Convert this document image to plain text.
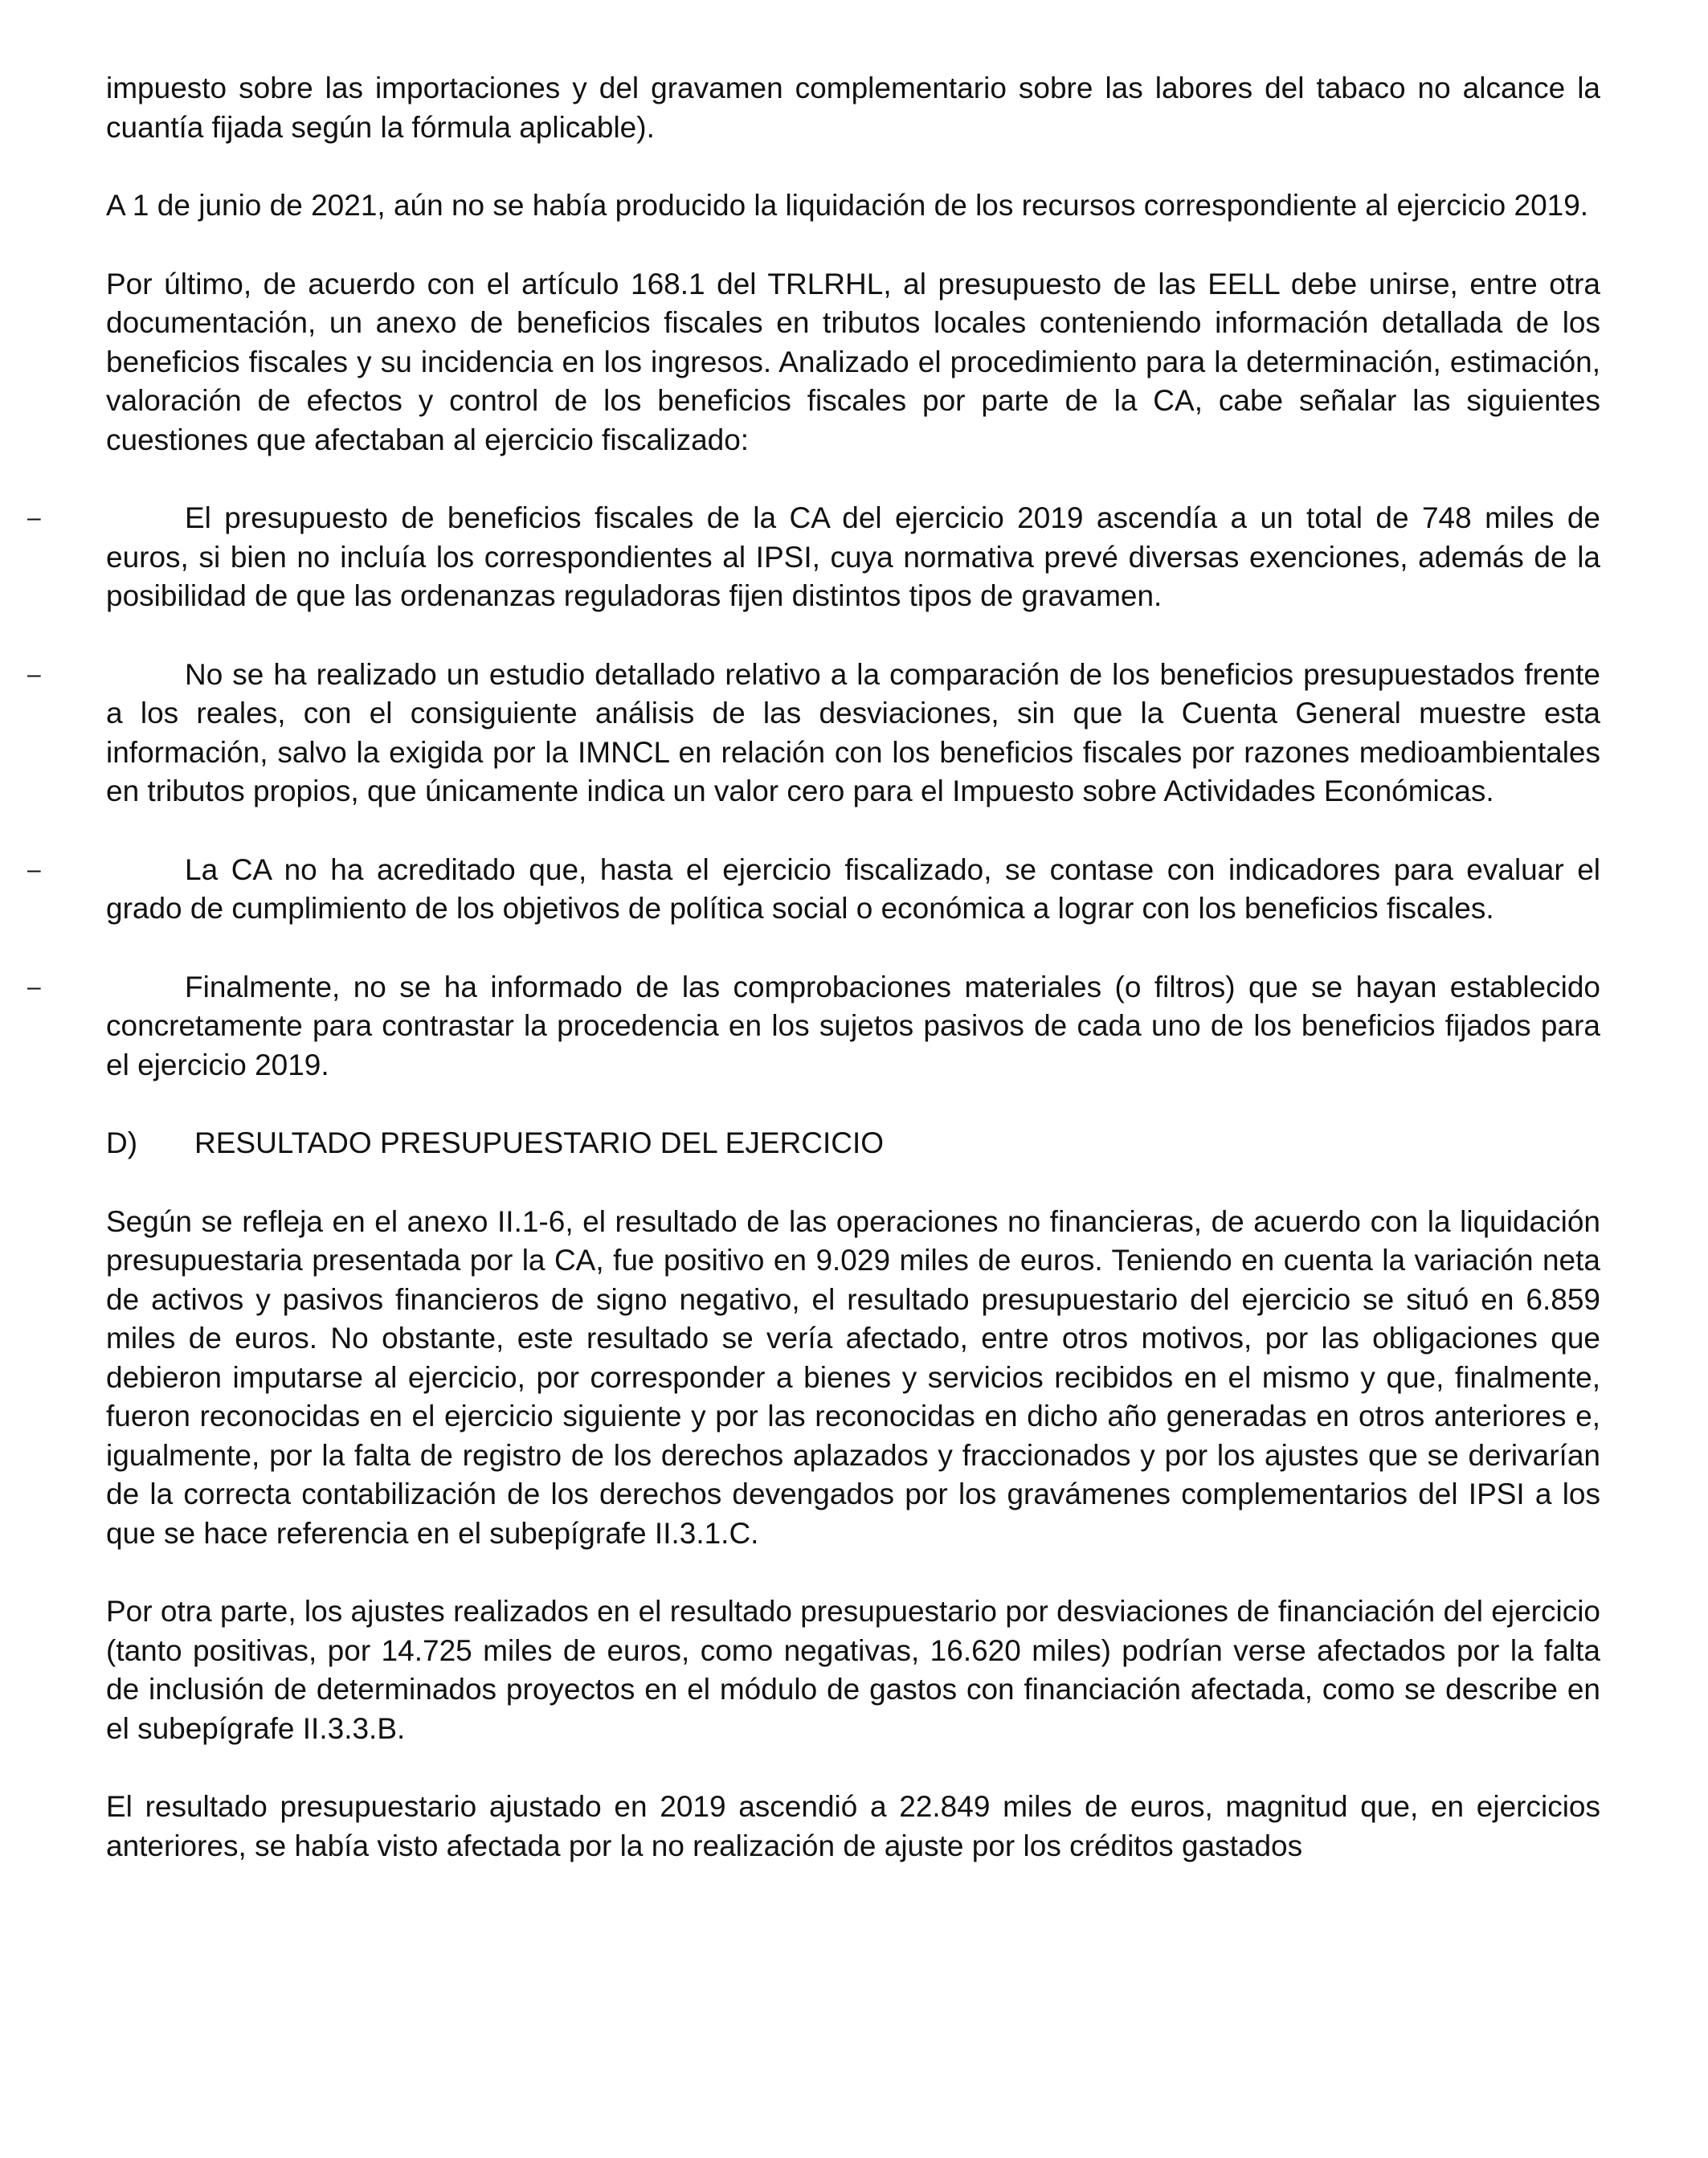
impuesto sobre las importaciones y del gravamen complementario sobre las labores del tabaco no alcance la cuantía fijada según la fórmula aplicable).

A 1 de junio de 2021, aún no se había producido la liquidación de los recursos correspondiente al ejercicio 2019.

Por último, de acuerdo con el artículo 168.1 del TRLRHL, al presupuesto de las EELL debe unirse, entre otra documentación, un anexo de beneficios fiscales en tributos locales conteniendo información detallada de los beneficios fiscales y su incidencia en los ingresos. Analizado el procedimiento para la determinación, estimación, valoración de efectos y control de los beneficios fiscales por parte de la CA, cabe señalar las siguientes cuestiones que afectaban al ejercicio fiscalizado:

–	El presupuesto de beneficios fiscales de la CA del ejercicio 2019 ascendía a un total de 748 miles de euros, si bien no incluía los correspondientes al IPSI, cuya normativa prevé diversas exenciones, además de la posibilidad de que las ordenanzas reguladoras fijen distintos tipos de gravamen.

–	No se ha realizado un estudio detallado relativo a la comparación de los beneficios presupuestados frente a los reales, con el consiguiente análisis de las desviaciones, sin que la Cuenta General muestre esta información, salvo la exigida por la IMNCL en relación con los beneficios fiscales por razones medioambientales en tributos propios, que únicamente indica un valor cero para el Impuesto sobre Actividades Económicas.

–	La CA no ha acreditado que, hasta el ejercicio fiscalizado, se contase con indicadores para evaluar el grado de cumplimiento de los objetivos de política social o económica a lograr con los beneficios fiscales.

–	Finalmente, no se ha informado de las comprobaciones materiales (o filtros) que se hayan establecido concretamente para contrastar la procedencia en los sujetos pasivos de cada uno de los beneficios fijados para el ejercicio 2019.

D) RESULTADO PRESUPUESTARIO DEL EJERCICIO

Según se refleja en el anexo II.1-6, el resultado de las operaciones no financieras, de acuerdo con la liquidación presupuestaria presentada por la CA, fue positivo en 9.029 miles de euros. Teniendo en cuenta la variación neta de activos y pasivos financieros de signo negativo, el resultado presupuestario del ejercicio se situó en 6.859 miles de euros. No obstante, este resultado se vería afectado, entre otros motivos, por las obligaciones que debieron imputarse al ejercicio, por corresponder a bienes y servicios recibidos en el mismo y que, finalmente, fueron reconocidas en el ejercicio siguiente y por las reconocidas en dicho año generadas en otros anteriores e, igualmente, por la falta de registro de los derechos aplazados y fraccionados y por los ajustes que se derivarían de la correcta contabilización de los derechos devengados por los gravámenes complementarios del IPSI a los que se hace referencia en el subepígrafe II.3.1.C.

Por otra parte, los ajustes realizados en el resultado presupuestario por desviaciones de financiación del ejercicio (tanto positivas, por 14.725 miles de euros, como negativas, 16.620 miles) podrían verse afectados por la falta de inclusión de determinados proyectos en el módulo de gastos con financiación afectada, como se describe en el subepígrafe II.3.3.B.

El resultado presupuestario ajustado en 2019 ascendió a 22.849 miles de euros, magnitud que, en ejercicios anteriores, se había visto afectada por la no realización de ajuste por los créditos gastados
